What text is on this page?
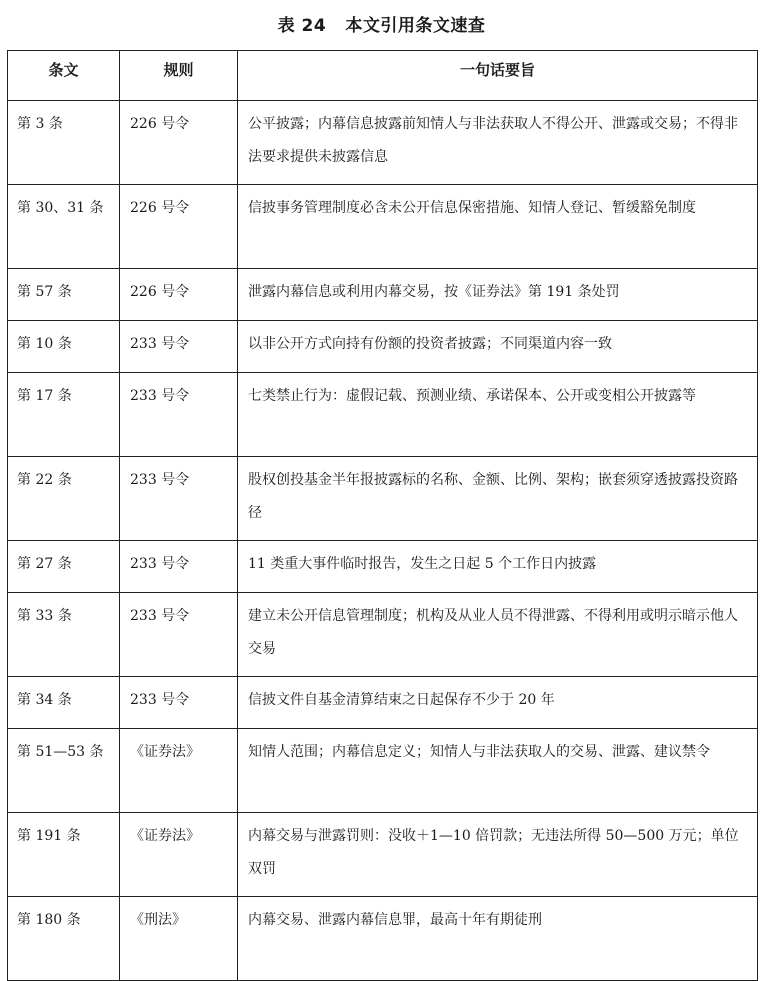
表 24 本文引用条文速查
条文	规则	一句话要旨
第 3 条	226 号令	公平披露；内幕信息披露前知情人与非法获取人不得公开、泄露或交易；不得非法要求提供未披露信息
第 30、31 条	226 号令	信披事务管理制度必含未公开信息保密措施、知情人登记、暂缓豁免制度
第 57 条	226 号令	泄露内幕信息或利用内幕交易，按《证券法》第 191 条处罚
第 10 条	233 号令	以非公开方式向持有份额的投资者披露；不同渠道内容一致
第 17 条	233 号令	七类禁止行为：虚假记载、预测业绩、承诺保本、公开或变相公开披露等
第 22 条	233 号令	股权创投基金半年报披露标的名称、金额、比例、架构；嵌套须穿透披露投资路径
第 27 条	233 号令	11 类重大事件临时报告，发生之日起 5 个工作日内披露
第 33 条	233 号令	建立未公开信息管理制度；机构及从业人员不得泄露、不得利用或明示暗示他人交易
第 34 条	233 号令	信披文件自基金清算结束之日起保存不少于 20 年
第 51—53 条	《证券法》	知情人范围；内幕信息定义；知情人与非法获取人的交易、泄露、建议禁令
第 191 条	《证券法》	内幕交易与泄露罚则：没收＋1—10 倍罚款；无违法所得 50—500 万元；单位双罚
第 180 条	《刑法》	内幕交易、泄露内幕信息罪，最高十年有期徒刑
